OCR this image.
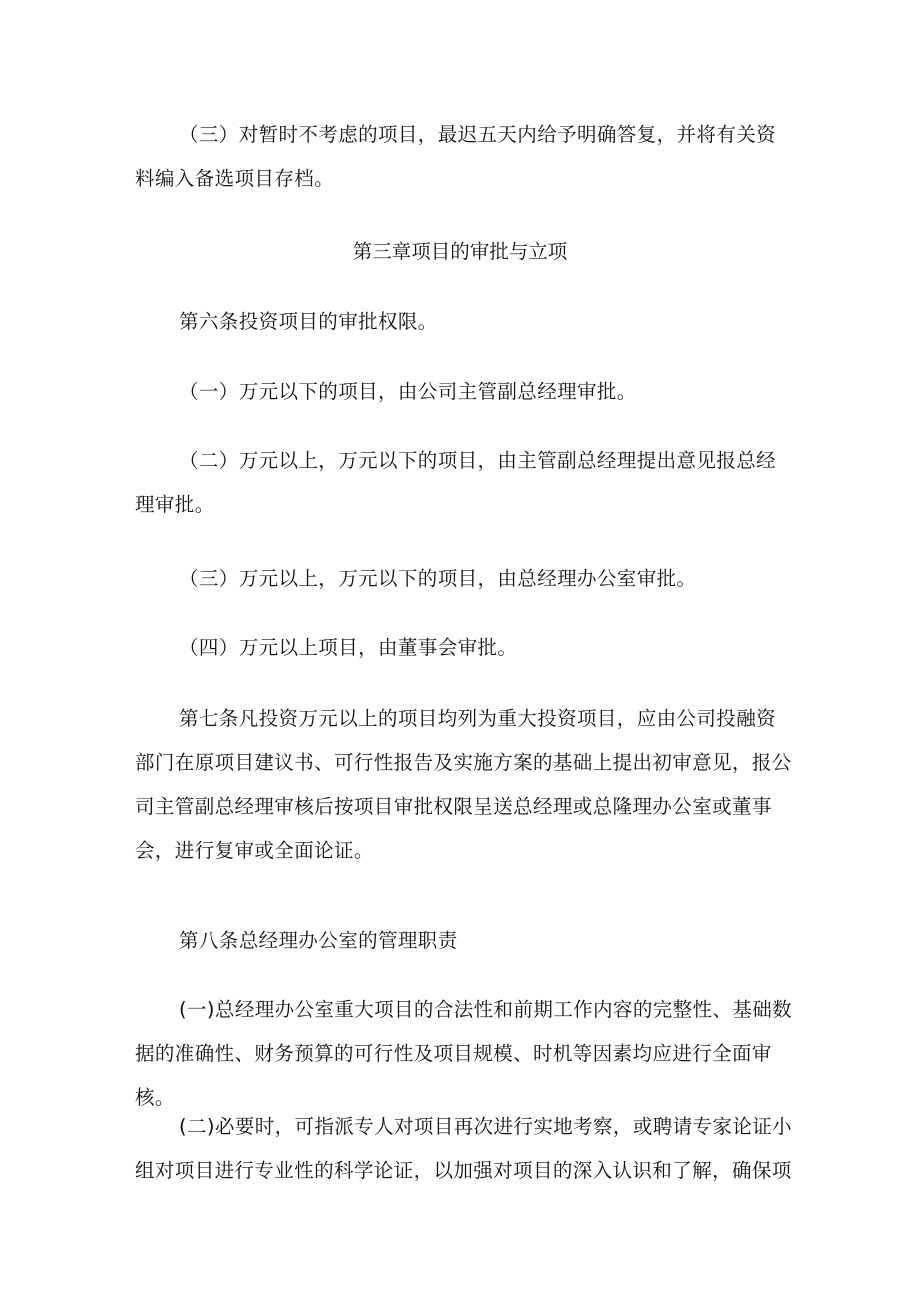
（三）对暂时不考虑的项目，最迟五天内给予明确答复，并将有关资料编入备选项目存档。

第三章项目的审批与立项

第六条投资项目的审批权限。

（一）万元以下的项目，由公司主管副总经理审批。

（二）万元以上，万元以下的项目，由主管副总经理提出意见报总经理审批。

（三）万元以上，万元以下的项目，由总经理办公室审批。

（四）万元以上项目，由董事会审批。

第七条凡投资万元以上的项目均列为重大投资项目，应由公司投融资部门在原项目建议书、可行性报告及实施方案的基础上提出初审意见，报公司主管副总经理审核后按项目审批权限呈送总经理或总隆理办公室或董事会，进行复审或全面论证。

第八条总经理办公室的管理职责

(一)总经理办公室重大项目的合法性和前期工作内容的完整性、基础数据的准确性、财务预算的可行性及项目规模、时机等因素均应进行全面审核。

(二)必要时，可指派专人对项目再次进行实地考察，或聘请专家论证小组对项目进行专业性的科学论证，以加强对项目的深入认识和了解，确保项
